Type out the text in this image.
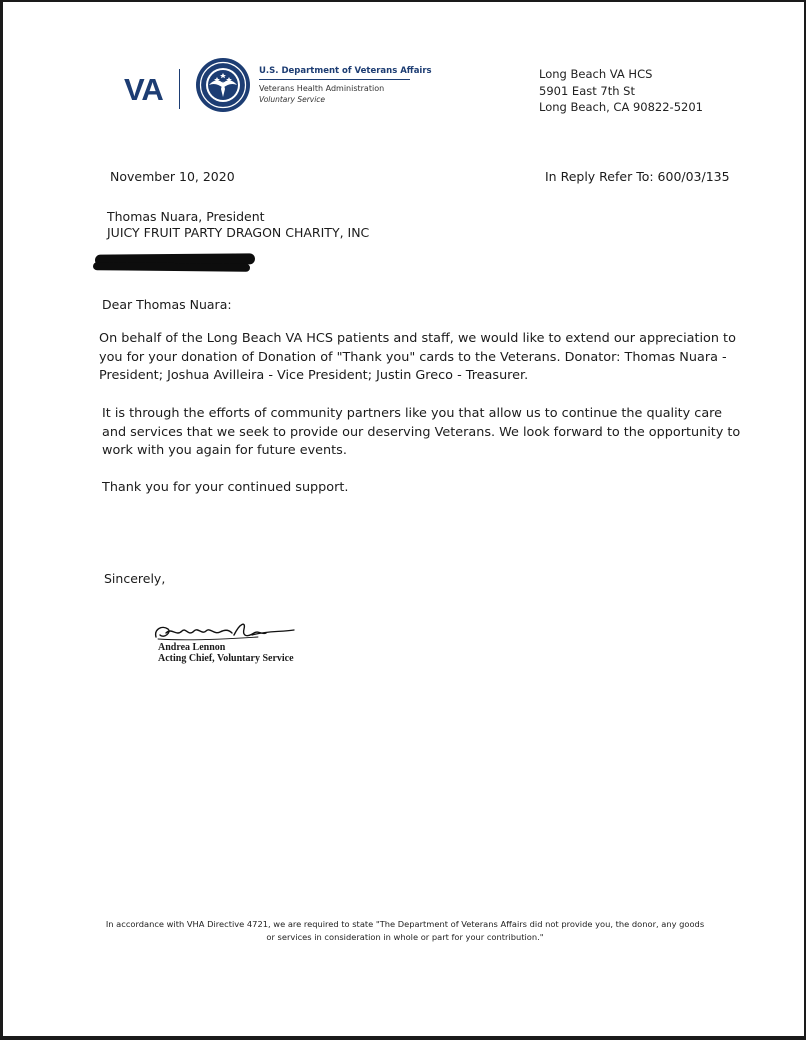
VA
U.S. Department of Veterans Affairs
Veterans Health Administration
Voluntary Service
Long Beach VA HCS
5901 East 7th St
Long Beach, CA 90822-5201
November 10, 2020	In Reply Refer To: 600/03/135
Thomas Nuara, President
JUICY FRUIT PARTY DRAGON CHARITY, INC
Dear Thomas Nuara:
On behalf of the Long Beach VA HCS patients and staff, we would like to extend our appreciation to you for your donation of Donation of "Thank you" cards to the Veterans. Donator: Thomas Nuara - President; Joshua Avilleira - Vice President; Justin Greco - Treasurer.
It is through the efforts of community partners like you that allow us to continue the quality care and services that we seek to provide our deserving Veterans. We look forward to the opportunity to work with you again for future events.
Thank you for your continued support.
Sincerely,
Andrea Lennon
Acting Chief, Voluntary Service
In accordance with VHA Directive 4721, we are required to state "The Department of Veterans Affairs did not provide you, the donor, any goods or services in consideration in whole or part for your contribution."
